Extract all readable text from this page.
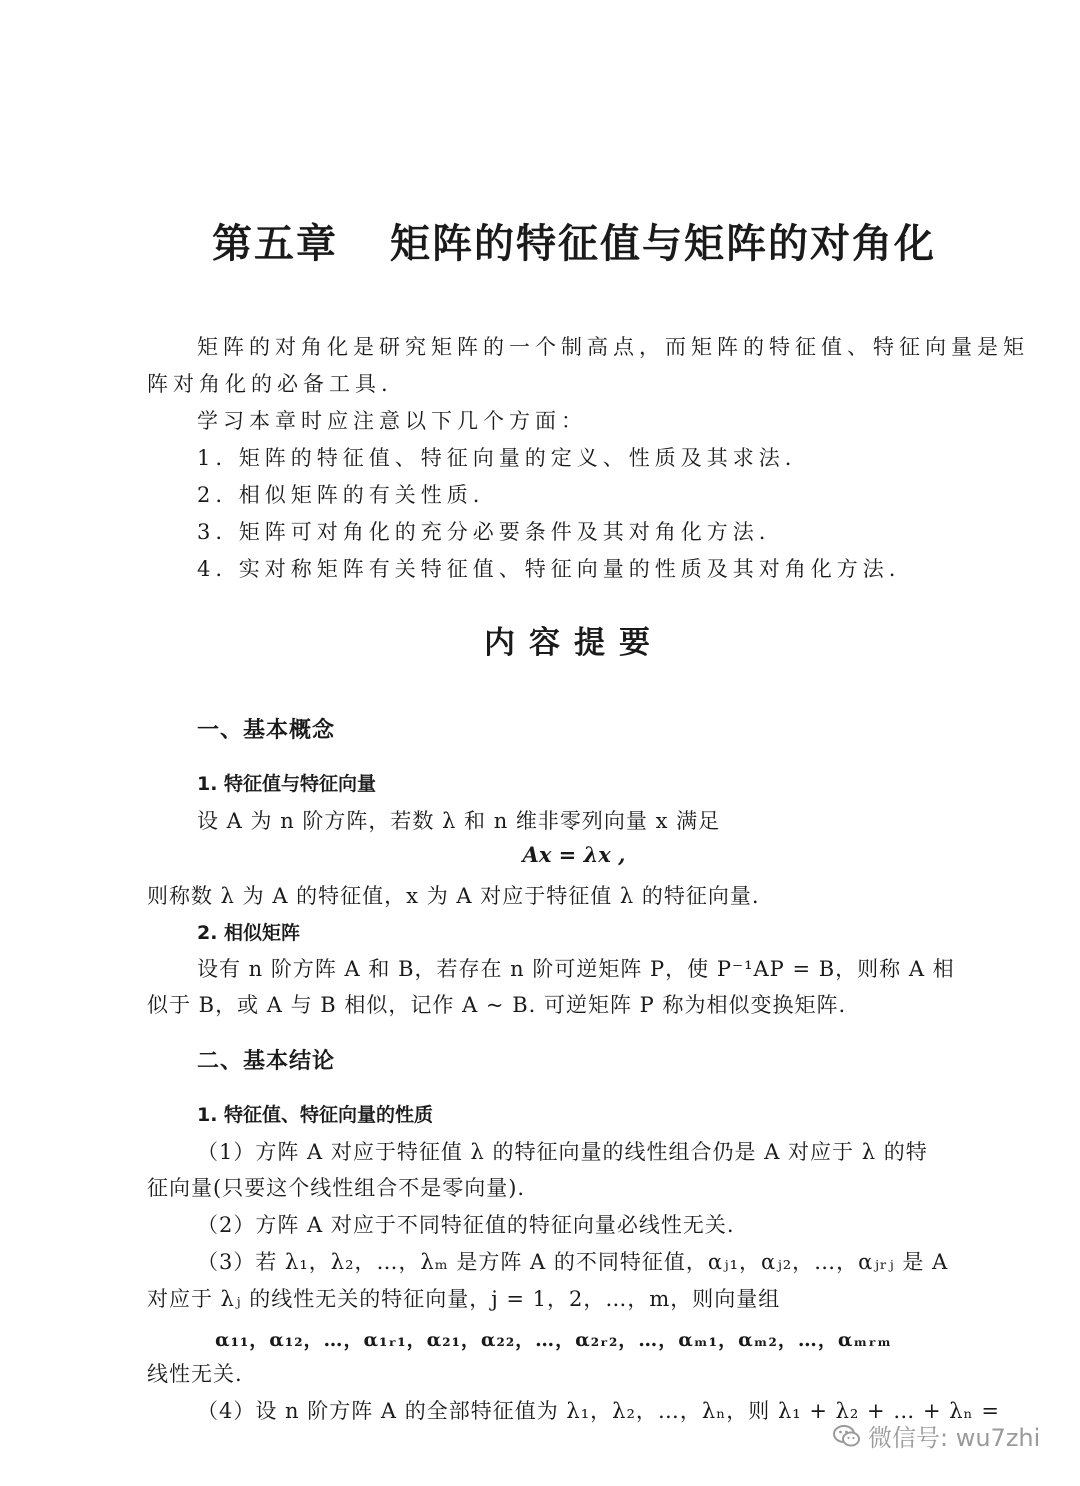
第五章 矩阵的特征值与矩阵的对角化
矩阵的对角化是研究矩阵的一个制高点，而矩阵的特征值、特征向量是矩
阵对角化的必备工具.
学习本章时应注意以下几个方面：
1. 矩阵的特征值、特征向量的定义、性质及其求法.
2. 相似矩阵的有关性质.
3. 矩阵可对角化的充分必要条件及其对角化方法.
4. 实对称矩阵有关特征值、特征向量的性质及其对角化方法.
内容提要
一、基本概念
1. 特征值与特征向量
设 A 为 n 阶方阵，若数 λ 和 n 维非零列向量 x 满足
Ax = λx ,
则称数 λ 为 A 的特征值，x 为 A 对应于特征值 λ 的特征向量.
2. 相似矩阵
设有 n 阶方阵 A 和 B，若存在 n 阶可逆矩阵 P，使 P⁻¹AP = B，则称 A 相
似于 B，或 A 与 B 相似，记作 A ~ B. 可逆矩阵 P 称为相似变换矩阵.
二、基本结论
1. 特征值、特征向量的性质
（1）方阵 A 对应于特征值 λ 的特征向量的线性组合仍是 A 对应于 λ 的特
征向量(只要这个线性组合不是零向量).
（2）方阵 A 对应于不同特征值的特征向量必线性无关.
（3）若 λ₁，λ₂，…，λₘ 是方阵 A 的不同特征值，αⱼ₁，αⱼ₂，…，αⱼᵣⱼ 是 A
对应于 λⱼ 的线性无关的特征向量，j = 1，2，…，m，则向量组
α₁₁，α₁₂，…，α₁ᵣ₁，α₂₁，α₂₂，…，α₂ᵣ₂，…，αₘ₁，αₘ₂，…，αₘᵣₘ
线性无关.
（4）设 n 阶方阵 A 的全部特征值为 λ₁，λ₂，…，λₙ，则 λ₁ + λ₂ + … + λₙ =
微信号: wu7zhi
